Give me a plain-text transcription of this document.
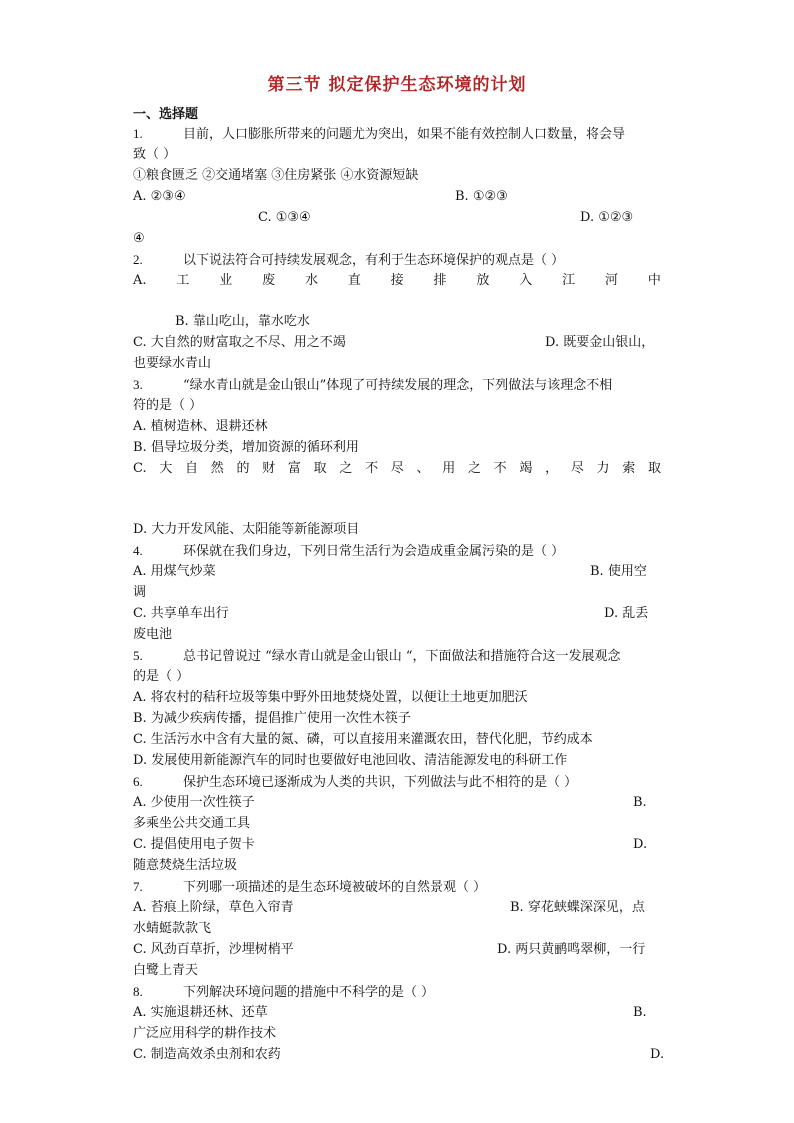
第三节 拟定保护生态环境的计划
一、选择题
1.	目前，人口膨胀所带来的问题尤为突出，如果不能有效控制人口数量，将会导
致（ ）
①粮食匮乏 ②交通堵塞 ③住房紧张 ④水资源短缺
A. ②③④	B. ①②③
C. ①③④	D. ①②③
④
2.	以下说法符合可持续发展观念，有利于生态环境保护的观点是（ ）
A. 工 业 废 水 直 接 排 放 入 江 河 中
B. 靠山吃山，靠水吃水
C. 大自然的财富取之不尽、用之不竭	D. 既要金山银山，
也要绿水青山
3.	“绿水青山就是金山银山”体现了可持续发展的理念，下列做法与该理念不相
符的是（ ）
A. 植树造林、退耕还林
B. 倡导垃圾分类，增加资源的循环利用
C. 大 自 然 的 财 富 取 之 不 尽 、 用 之 不 竭 ， 尽 力 索 取
D. 大力开发风能、太阳能等新能源项目
4.	环保就在我们身边，下列日常生活行为会造成重金属污染的是（ ）
A. 用煤气炒菜	B. 使用空
调
C. 共享单车出行	D. 乱丢
废电池
5.	总书记曾说过 “绿水青山就是金山银山 “，下面做法和措施符合这一发展观念
的是（ ）
A. 将农村的秸秆垃圾等集中野外田地焚烧处置，以便让土地更加肥沃
B. 为减少疾病传播，提倡推广使用一次性木筷子
C. 生活污水中含有大量的氮、磷，可以直接用来灌溉农田，替代化肥，节约成本
D. 发展使用新能源汽车的同时也要做好电池回收、清洁能源发电的科研工作
6.	保护生态环境已逐渐成为人类的共识，下列做法与此不相符的是（ ）
A. 少使用一次性筷子	B.
多乘坐公共交通工具
C. 提倡使用电子贺卡	D.
随意焚烧生活垃圾
7.	下列哪一项描述的是生态环境被破坏的自然景观（ ）
A. 苔痕上阶绿，草色入帘青	B. 穿花蛱蝶深深见，点
水蜻蜓款款飞
C. 风劲百草折，沙埋树梢平	D. 两只黄鹂鸣翠柳，一行
白鹭上青天
8.	下列解决环境问题的措施中不科学的是（ ）
A. 实施退耕还林、还草	B.
广泛应用科学的耕作技术
C. 制造高效杀虫剂和农药	D.
